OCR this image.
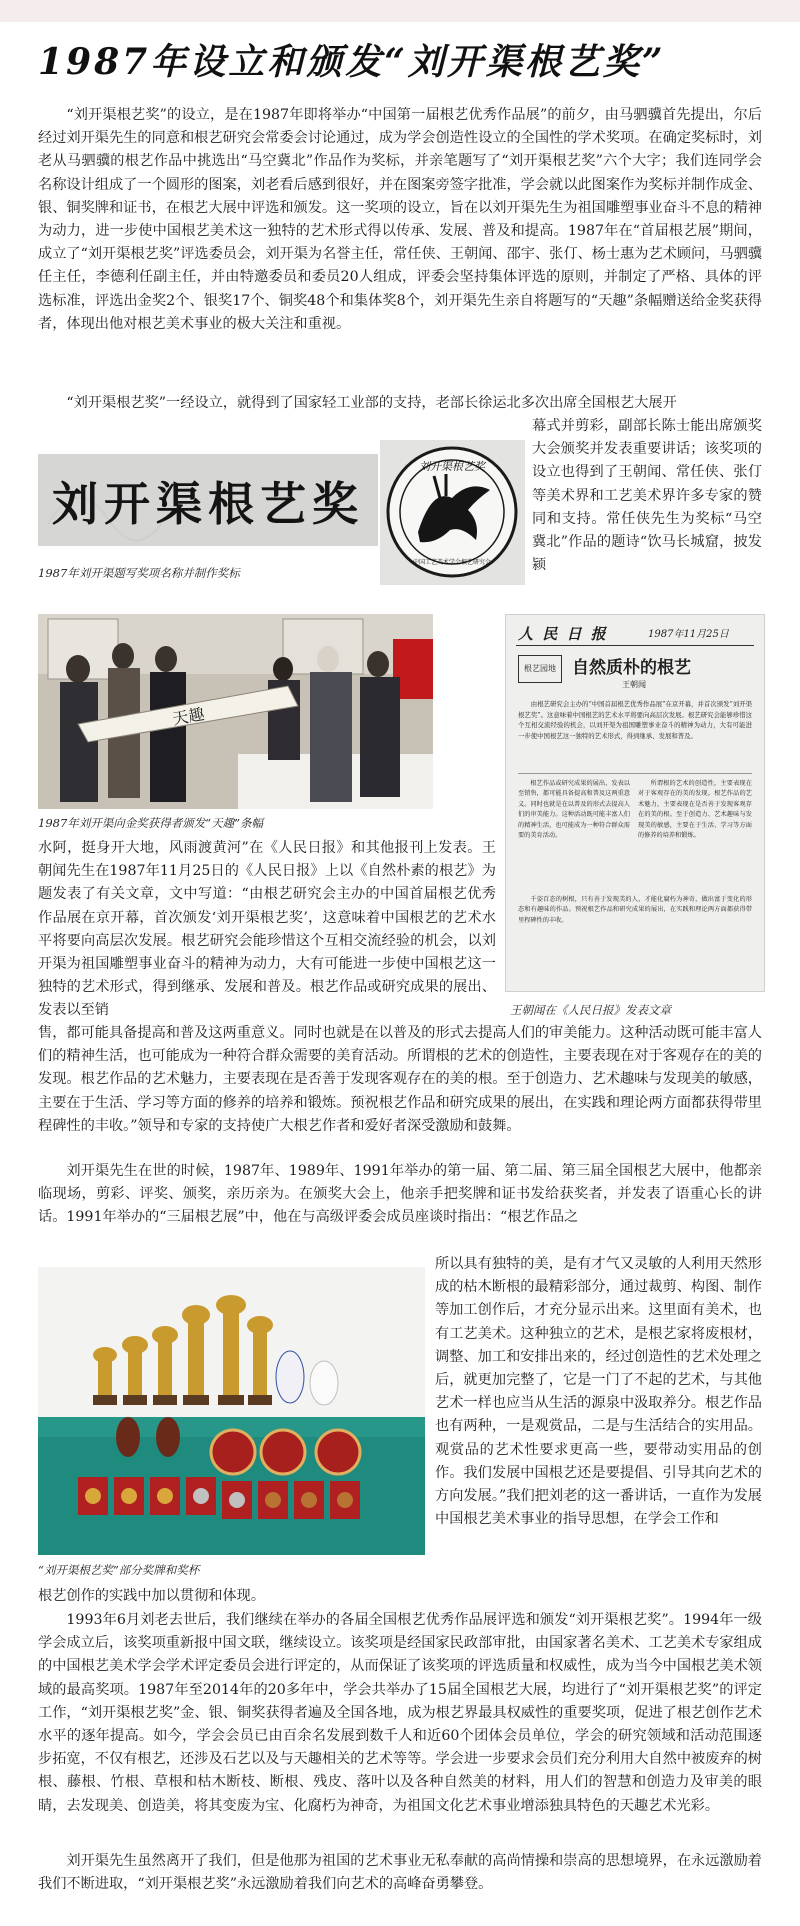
1987年设立和颁发“刘开渠根艺奖”

“刘开渠根艺奖”的设立，是在1987年即将举办“中国第一届根艺优秀作品展”的前夕，由马驷骥首先提出，尔后经过刘开渠先生的同意和根艺研究会常委会讨论通过，成为学会创造性设立的全国性的学术奖项。在确定奖标时，刘老从马驷骥的根艺作品中挑选出“马空冀北”作品作为奖标，并亲笔题写了“刘开渠根艺奖”六个大字；我们连同学会名称设计组成了一个圆形的图案，刘老看后感到很好，并在图案旁签字批准，学会就以此图案作为奖标并制作成金、银、铜奖牌和证书，在根艺大展中评选和颁发。这一奖项的设立，旨在以刘开渠先生为祖国雕塑事业奋斗不息的精神为动力，进一步使中国根艺美术这一独特的艺术形式得以传承、发展、普及和提高。1987年在“首届根艺展”期间，成立了“刘开渠根艺奖”评选委员会，刘开渠为名誉主任，常任侠、王朝闻、邵宇、张仃、杨士惠为艺术顾问，马驷骥任主任，李德利任副主任，并由特邀委员和委员20人组成，评委会坚持集体评选的原则，并制定了严格、具体的评选标准，评选出金奖2个、银奖17个、铜奖48个和集体奖8个，刘开渠先生亲自将题写的“天趣”条幅赠送给金奖获得者，体现出他对根艺美术事业的极大关注和重视。

“刘开渠根艺奖”一经设立，就得到了国家轻工业部的支持，老部长徐运北多次出席全国根艺大展开

幕式并剪彩，副部长陈士能出席颁奖大会颁奖并发表重要讲话；该奖项的设立也得到了王朝闻、常任侠、张仃等美术界和工艺美术界许多专家的赞同和支持。常任侠先生为奖标“马空冀北”作品的题诗“饮马长城窟，披发颍

刘开渠根艺奖
刘开渠根艺奖
中国工艺美术学会根艺研究会
1987年刘开渠题写奖项名称并制作奖标
天趣
1987年刘开渠向金奖获得者颁发“天趣”条幅
人 民 日 报	1987年11月25日
根艺园地 自然质朴的根艺
王朝闻
由根艺研究会主办的“中国首届根艺优秀作品展”在京开幕，并首次颁发“刘开渠根艺奖”。这意味着中国根艺的艺术水平将要向高层次发展。根艺研究会能够珍惜这个互相交流经验的机会，以刘开渠为祖国雕塑事业奋斗的精神为动力，大有可能进一步使中国根艺这一独特的艺术形式，得到继承、发展和普及。
根艺作品或研究成果的展出、发表以至销售，都可能具备提高和普及这两重意义。同时也就是在以普及的形式去提高人们的审美能力。这种活动既可能丰富人们的精神生活，也可能成为一种符合群众需要的美育活动。
所谓根的艺术的创造性，主要表现在对于客观存在的美的发现。根艺作品的艺术魅力，主要表现在是否善于发现客观存在的美的根。至于创造力、艺术趣味与发现美的敏感，主要在于生活、学习等方面的修养的培养和锻炼。
千姿百态的树根，只有善于发现美的人，才能化腐朽为神奇，做出富于变化的形态和有趣味的作品。预祝根艺作品和研究成果的展出，在实践和理论两方面都获得带里程碑性的丰收。
王朝闻在《人民日报》发表文章

水阿，挺身开大地，风雨渡黄河”在《人民日报》和其他报刊上发表。王朝闻先生在1987年11月25日的《人民日报》上以《自然朴素的根艺》为题发表了有关文章，文中写道：“由根艺研究会主办的中国首届根艺优秀作品展在京开幕，首次颁发‘刘开渠根艺奖’，这意味着中国根艺的艺术水平将要向高层次发展。根艺研究会能珍惜这个互相交流经验的机会，以刘开渠为祖国雕塑事业奋斗的精神为动力，大有可能进一步使中国根艺这一独特的艺术形式，得到继承、发展和普及。根艺作品或研究成果的展出、发表以至销

售，都可能具备提高和普及这两重意义。同时也就是在以普及的形式去提高人们的审美能力。这种活动既可能丰富人们的精神生活，也可能成为一种符合群众需要的美育活动。所谓根的艺术的创造性，主要表现在对于客观存在的美的发现。根艺作品的艺术魅力，主要表现在是否善于发现客观存在的美的根。至于创造力、艺术趣味与发现美的敏感，主要在于生活、学习等方面的修养的培养和锻炼。预祝根艺作品和研究成果的展出，在实践和理论两方面都获得带里程碑性的丰收。”领导和专家的支持使广大根艺作者和爱好者深受激励和鼓舞。

刘开渠先生在世的时候，1987年、1989年、1991年举办的第一届、第二届、第三届全国根艺大展中，他都亲临现场，剪彩、评奖、颁奖，亲历亲为。在颁奖大会上，他亲手把奖牌和证书发给获奖者，并发表了语重心长的讲话。1991年举办的“三届根艺展”中，他在与高级评委会成员座谈时指出：“根艺作品之

所以具有独特的美，是有才气又灵敏的人利用天然形成的枯木断根的最精彩部分，通过裁剪、构图、制作等加工创作后，才充分显示出来。这里面有美术，也有工艺美术。这种独立的艺术，是根艺家将废根材，调整、加工和安排出来的，经过创造性的艺术处理之后，就更加完整了，它是一门了不起的艺术，与其他艺术一样也应当从生活的源泉中汲取养分。根艺作品也有两种，一是观赏品，二是与生活结合的实用品。观赏品的艺术性要求更高一些，要带动实用品的创作。我们发展中国根艺还是要提倡、引导其向艺术的方向发展。”我们把刘老的这一番讲话，一直作为发展中国根艺美术事业的指导思想，在学会工作和

“刘开渠根艺奖”部分奖牌和奖杯

根艺创作的实践中加以贯彻和体现。

1993年6月刘老去世后，我们继续在举办的各届全国根艺优秀作品展评选和颁发“刘开渠根艺奖”。1994年一级学会成立后，该奖项重新报中国文联，继续设立。该奖项是经国家民政部审批，由国家著名美术、工艺美术专家组成的中国根艺美术学会学术评定委员会进行评定的，从而保证了该奖项的评选质量和权威性，成为当今中国根艺美术领域的最高奖项。1987年至2014年的20多年中，学会共举办了15届全国根艺大展，均进行了“刘开渠根艺奖”的评定工作，“刘开渠根艺奖”金、银、铜奖获得者遍及全国各地，成为根艺界最具权威性的重要奖项，促进了根艺创作艺术水平的逐年提高。如今，学会会员已由百余名发展到数千人和近60个团体会员单位，学会的研究领域和活动范围逐步拓宽，不仅有根艺，还涉及石艺以及与天趣相关的艺术等等。学会进一步要求会员们充分利用大自然中被废弃的树根、藤根、竹根、草根和枯木断枝、断根、残皮、落叶以及各种自然美的材料，用人们的智慧和创造力及审美的眼睛，去发现美、创造美，将其变废为宝、化腐朽为神奇，为祖国文化艺术事业增添独具特色的天趣艺术光彩。

刘开渠先生虽然离开了我们，但是他那为祖国的艺术事业无私奉献的高尚情操和崇高的思想境界，在永远激励着我们不断进取，“刘开渠根艺奖”永远激励着我们向艺术的高峰奋勇攀登。
